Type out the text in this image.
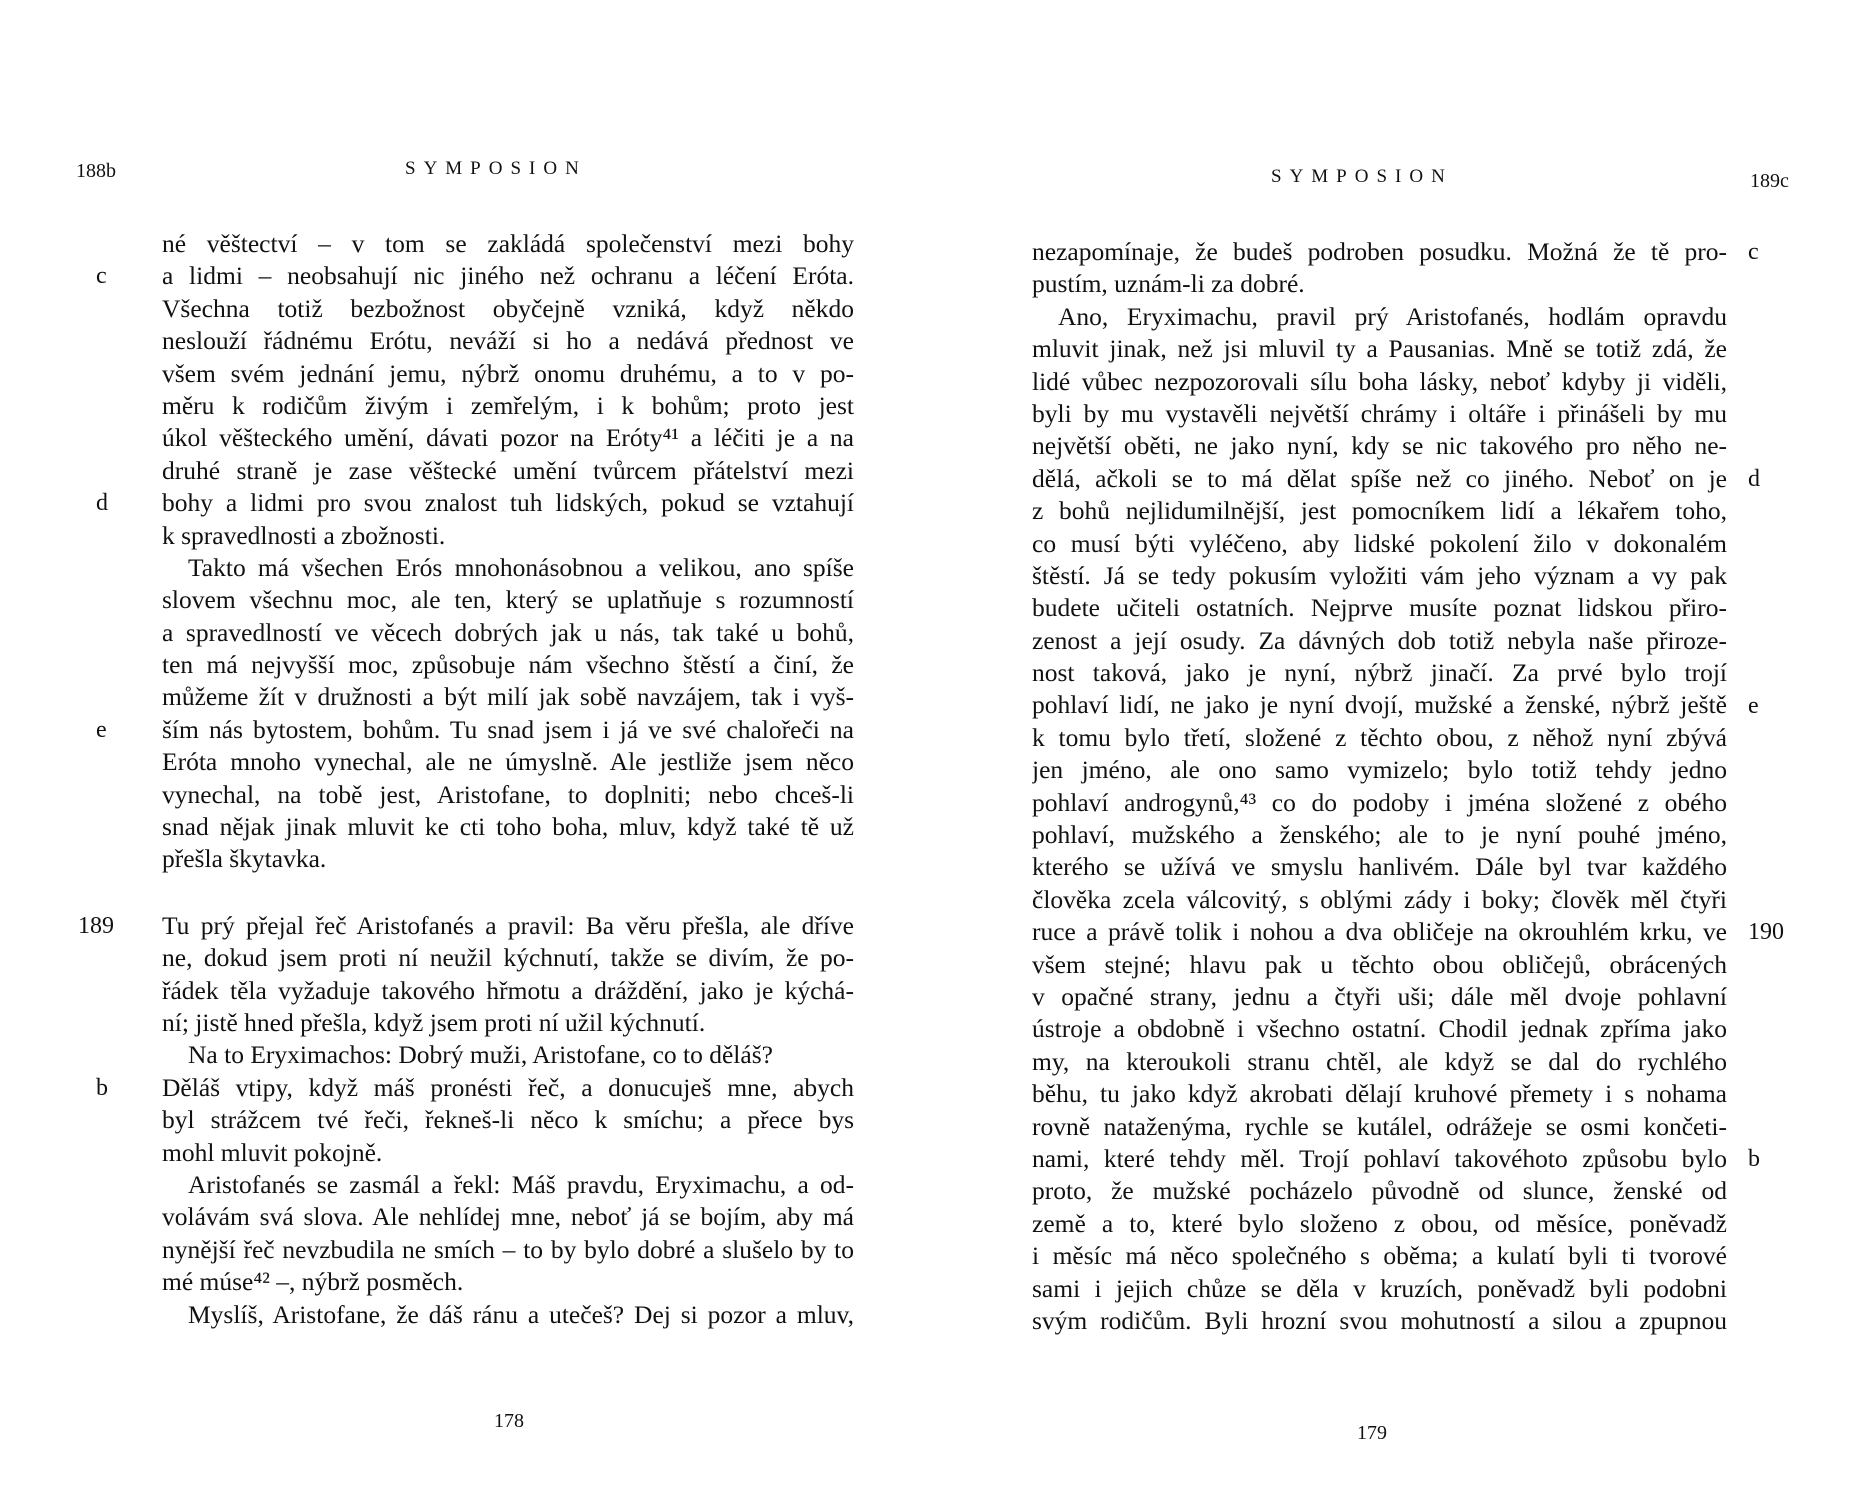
188b	SYMPOSION
né věštectví – v tom se zakládá společenství mezi bohy
a lidmi – neobsahují nic jiného než ochranu a léčení Eróta.
Všechna totiž bezbožnost obyčejně vzniká, když někdo
neslouží řádnému Erótu, neváží si ho a nedává přednost ve
všem svém jednání jemu, nýbrž onomu druhému, a to v po-
měru k rodičům živým i zemřelým, i k bohům; proto jest
úkol věšteckého umění, dávati pozor na Eróty⁴¹ a léčiti je a na
druhé straně je zase věštecké umění tvůrcem přátelství mezi
bohy a lidmi pro svou znalost tuh lidských, pokud se vztahují
k spravedlnosti a zbožnosti.
Takto má všechen Erós mnohonásobnou a velikou, ano spíše
slovem všechnu moc, ale ten, který se uplatňuje s rozumností
a spravedlností ve věcech dobrých jak u nás, tak také u bohů,
ten má nejvyšší moc, způsobuje nám všechno štěstí a činí, že
můžeme žít v družnosti a být milí jak sobě navzájem, tak i vyš-
ším nás bytostem, bohům. Tu snad jsem i já ve své chalořeči na
Eróta mnoho vynechal, ale ne úmyslně. Ale jestliže jsem něco
vynechal, na tobě jest, Aristofane, to doplniti; nebo chceš-li
snad nějak jinak mluvit ke cti toho boha, mluv, když také tě už
přešla škytavka.
Tu prý přejal řeč Aristofanés a pravil: Ba věru přešla, ale dříve
ne, dokud jsem proti ní neužil kýchnutí, takže se divím, že po-
řádek těla vyžaduje takového hřmotu a dráždění, jako je kýchá-
ní; jistě hned přešla, když jsem proti ní užil kýchnutí.
Na to Eryximachos: Dobrý muži, Aristofane, co to děláš?
Děláš vtipy, když máš pronésti řeč, a donucuješ mne, abych
byl strážcem tvé řeči, řekneš-li něco k smíchu; a přece bys
mohl mluvit pokojně.
Aristofanés se zasmál a řekl: Máš pravdu, Eryximachu, a od-
volávám svá slova. Ale nehlídej mne, neboť já se bojím, aby má
nynější řeč nevzbudila ne smích – to by bylo dobré a slušelo by to
mé múse⁴² –, nýbrž posměch.
Myslíš, Aristofane, že dáš ránu a utečeš? Dej si pozor a mluv,
c
d
e
189
b
178
SYMPOSION	189c
nezapomínaje, že budeš podroben posudku. Možná že tě pro-
pustím, uznám-li za dobré.
Ano, Eryximachu, pravil prý Aristofanés, hodlám opravdu
mluvit jinak, než jsi mluvil ty a Pausanias. Mně se totiž zdá, že
lidé vůbec nezpozorovali sílu boha lásky, neboť kdyby ji viděli,
byli by mu vystavěli největší chrámy i oltáře i přinášeli by mu
největší oběti, ne jako nyní, kdy se nic takového pro něho ne-
dělá, ačkoli se to má dělat spíše než co jiného. Neboť on je
z bohů nejlidumilnější, jest pomocníkem lidí a lékařem toho,
co musí býti vyléčeno, aby lidské pokolení žilo v dokonalém
štěstí. Já se tedy pokusím vyložiti vám jeho význam a vy pak
budete učiteli ostatních. Nejprve musíte poznat lidskou přiro-
zenost a její osudy. Za dávných dob totiž nebyla naše přiroze-
nost taková, jako je nyní, nýbrž jinačí. Za prvé bylo trojí
pohlaví lidí, ne jako je nyní dvojí, mužské a ženské, nýbrž ještě
k tomu bylo třetí, složené z těchto obou, z něhož nyní zbývá
jen jméno, ale ono samo vymizelo; bylo totiž tehdy jedno
pohlaví androgynů,⁴³ co do podoby i jména složené z obého
pohlaví, mužského a ženského; ale to je nyní pouhé jméno,
kterého se užívá ve smyslu hanlivém. Dále byl tvar každého
člověka zcela válcovitý, s oblými zády i boky; člověk měl čtyři
ruce a právě tolik i nohou a dva obličeje na okrouhlém krku, ve
všem stejné; hlavu pak u těchto obou obličejů, obrácených
v opačné strany, jednu a čtyři uši; dále měl dvoje pohlavní
ústroje a obdobně i všechno ostatní. Chodil jednak zpříma jako
my, na kteroukoli stranu chtěl, ale když se dal do rychlého
běhu, tu jako když akrobati dělají kruhové přemety i s nohama
rovně nataženýma, rychle se kutálel, odrážeje se osmi končeti-
nami, které tehdy měl. Trojí pohlaví takovéhoto způsobu bylo
proto, že mužské pocházelo původně od slunce, ženské od
země a to, které bylo složeno z obou, od měsíce, poněvadž
i měsíc má něco společného s oběma; a kulatí byli ti tvorové
sami i jejich chůze se děla v kruzích, poněvadž byli podobni
svým rodičům. Byli hrozní svou mohutností a silou a zpupnou
c
d
e
190
b
179
